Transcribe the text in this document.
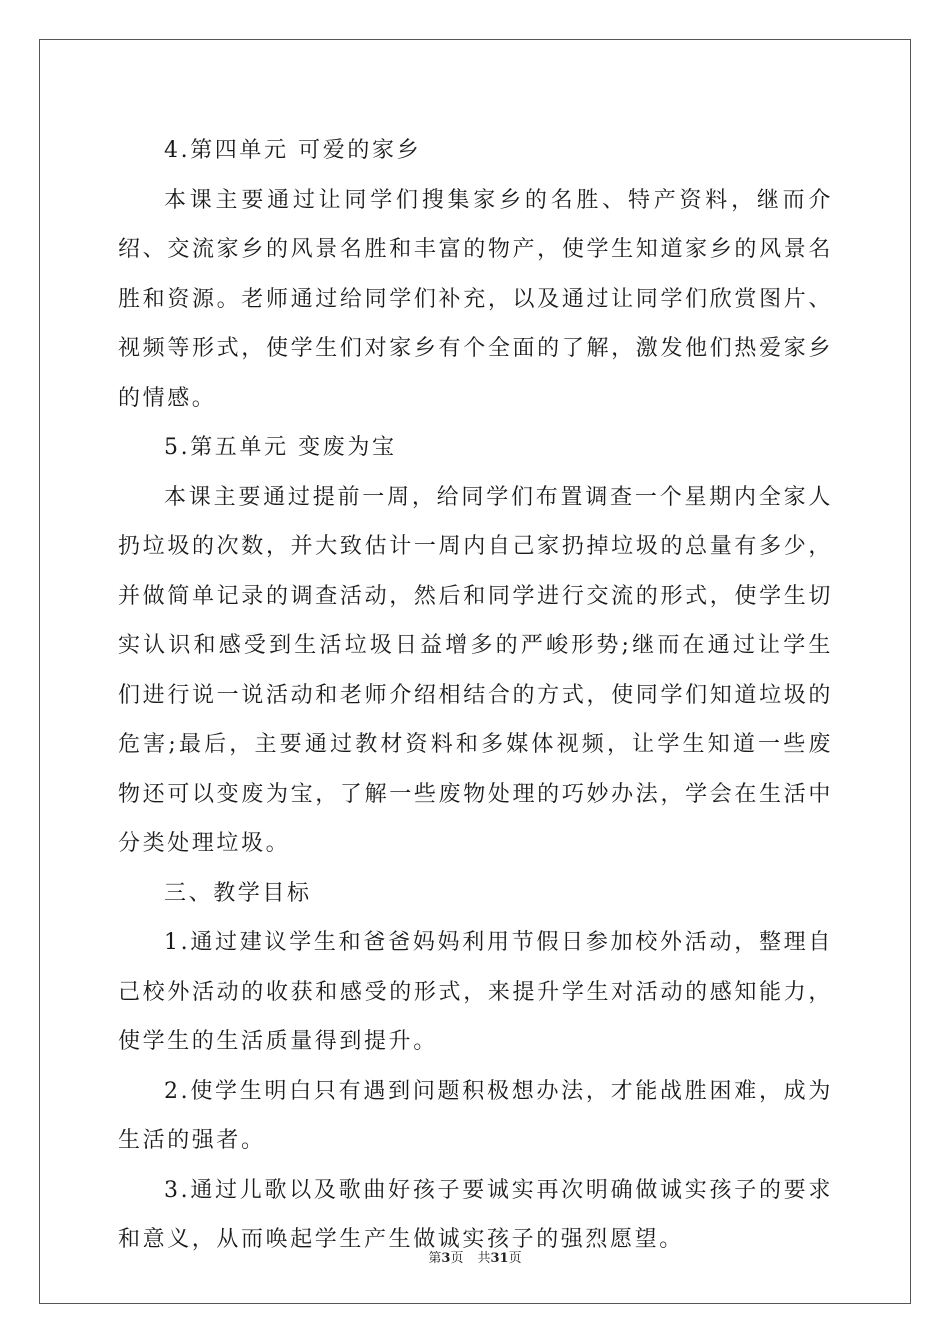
4.第四单元 可爱的家乡

本课主要通过让同学们搜集家乡的名胜、特产资料，继而介绍、交流家乡的风景名胜和丰富的物产，使学生知道家乡的风景名胜和资源。老师通过给同学们补充，以及通过让同学们欣赏图片、视频等形式，使学生们对家乡有个全面的了解，激发他们热爱家乡的情感。

5.第五单元 变废为宝

本课主要通过提前一周，给同学们布置调查一个星期内全家人扔垃圾的次数，并大致估计一周内自己家扔掉垃圾的总量有多少，并做简单记录的调查活动，然后和同学进行交流的形式，使学生切实认识和感受到生活垃圾日益增多的严峻形势;继而在通过让学生们进行说一说活动和老师介绍相结合的方式，使同学们知道垃圾的危害;最后，主要通过教材资料和多媒体视频，让学生知道一些废物还可以变废为宝，了解一些废物处理的巧妙办法，学会在生活中分类处理垃圾。

三、教学目标

1.通过建议学生和爸爸妈妈利用节假日参加校外活动，整理自己校外活动的收获和感受的形式，来提升学生对活动的感知能力，使学生的生活质量得到提升。

2.使学生明白只有遇到问题积极想办法，才能战胜困难，成为生活的强者。

3.通过儿歌以及歌曲好孩子要诚实再次明确做诚实孩子的要求和意义，从而唤起学生产生做诚实孩子的强烈愿望。

第3页 共31页
